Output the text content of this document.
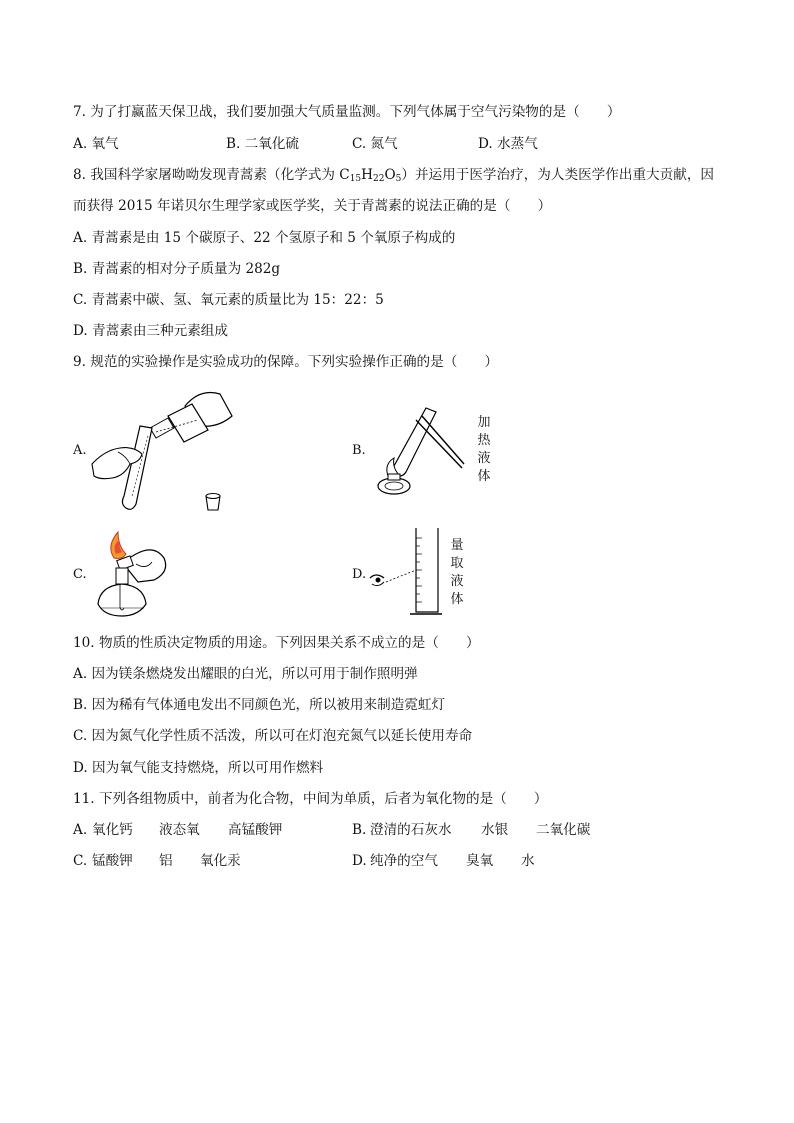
7. 为了打赢蓝天保卫战，我们要加强大气质量监测。下列气体属于空气污染物的是（　　）
A. 氧气	B. 二氧化硫	C. 氮气	D. 水蒸气
8. 我国科学家屠呦呦发现青蒿素（化学式为 $C_{15}H_{22}O_5$）并运用于医学治疗，为人类医学作出重大贡献，因
而获得 2015 年诺贝尔生理学家或医学奖，关于青蒿素的说法正确的是（　　）
A. 青蒿素是由 15 个碳原子、22 个氢原子和 5 个氧原子构成的
B. 青蒿素的相对分子质量为 282g
C. 青蒿素中碳、氢、氧元素的质量比为 15：22：5
D. 青蒿素由三种元素组成
9. 规范的实验操作是实验成功的保障。下列实验操作正确的是（　　）
A.	B.
加
热
液
体
C.	D.
量
取
液
体
10. 物质的性质决定物质的用途。下列因果关系不成立的是（　　）
A. 因为镁条燃烧发出耀眼的白光，所以可用于制作照明弹
B. 因为稀有气体通电发出不同颜色光，所以被用来制造霓虹灯
C. 因为氮气化学性质不活泼，所以可在灯泡充氮气以延长使用寿命
D. 因为氧气能支持燃烧，所以可用作燃料
11. 下列各组物质中，前者为化合物，中间为单质，后者为氧化物的是（　　）
A. 氧化钙 液态氧 高锰酸钾	B. 澄清的石灰水 水银 二氧化碳
C. 锰酸钾 铝 氧化汞	D. 纯净的空气 臭氧 水
